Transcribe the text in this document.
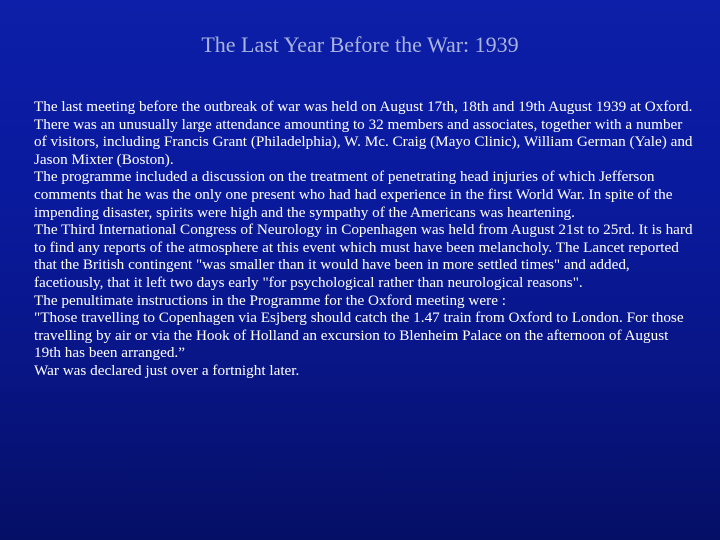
The Last Year Before the War: 1939

The last meeting before the outbreak of war was held on August 17th, 18th and 19th August 1939 at Oxford. There was an unusually large attendance amounting to 32 members and associates, together with a number of visitors, including Francis Grant (Philadelphia), W. Mc. Craig (Mayo Clinic), William German (Yale) and Jason Mixter (Boston).

The programme included a discussion on the treatment of penetrating head injuries of which Jefferson comments that he was the only one present who had had experience in the first World War. In spite of the impending disaster, spirits were high and the sympathy of the Americans was heartening.

The Third International Congress of Neurology in Copenhagen was held from August 21st to 25rd. It is hard to find any reports of the atmosphere at this event which must have been melancholy. The Lancet reported that the British contingent "was smaller than it would have been in more settled times" and added, facetiously, that it left two days early "for psychological rather than neurological reasons".

The penultimate instructions in the Programme for the Oxford meeting were :

"Those travelling to Copenhagen via Esjberg should catch the 1.47 train from Oxford to London. For those travelling by air or via the Hook of Holland an excursion to Blenheim Palace on the afternoon of August 19th has been arranged.”

War was declared just over a fortnight later.
